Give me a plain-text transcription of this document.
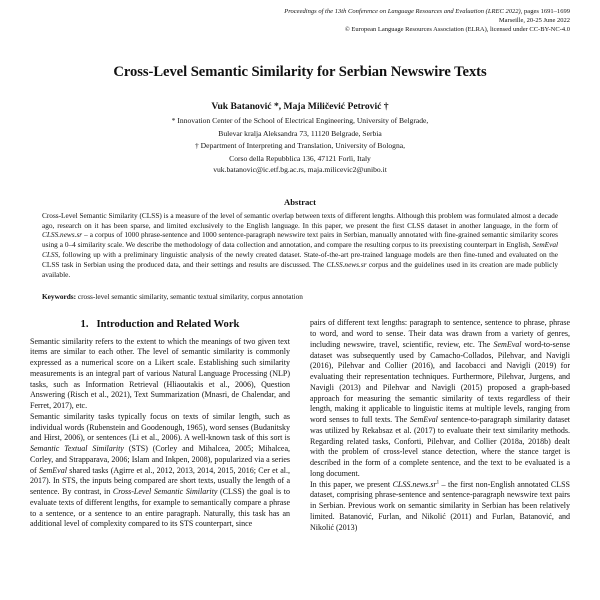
Proceedings of the 13th Conference on Language Resources and Evaluation (LREC 2022), pages 1691–1699
Marseille, 20-25 June 2022
© European Language Resources Association (ELRA), licensed under CC-BY-NC-4.0
Cross-Level Semantic Similarity for Serbian Newswire Texts
Vuk Batanović *, Maja Miličević Petrović †
* Innovation Center of the School of Electrical Engineering, University of Belgrade,
Bulevar kralja Aleksandra 73, 11120 Belgrade, Serbia
† Department of Interpreting and Translation, University of Bologna,
Corso della Repubblica 136, 47121 Forlì, Italy
vuk.batanovic@ic.etf.bg.ac.rs, maja.milicevic2@unibo.it
Abstract
Cross-Level Semantic Similarity (CLSS) is a measure of the level of semantic overlap between texts of different lengths. Although this problem was formulated almost a decade ago, research on it has been sparse, and limited exclusively to the English language. In this paper, we present the first CLSS dataset in another language, in the form of CLSS.news.sr – a corpus of 1000 phrase-sentence and 1000 sentence-paragraph newswire text pairs in Serbian, manually annotated with fine-grained semantic similarity scores using a 0–4 similarity scale. We describe the methodology of data collection and annotation, and compare the resulting corpus to its preexisting counterpart in English, SemEval CLSS, following up with a preliminary linguistic analysis of the newly created dataset. State-of-the-art pre-trained language models are then fine-tuned and evaluated on the CLSS task in Serbian using the produced data, and their settings and results are discussed. The CLSS.news.sr corpus and the guidelines used in its creation are made publicly available.
Keywords: cross-level semantic similarity, semantic textual similarity, corpus annotation
1. Introduction and Related Work

Semantic similarity refers to the extent to which the meanings of two given text items are similar to each other. The level of semantic similarity is commonly expressed as a numerical score on a Likert scale. Establishing such similarity measurements is an integral part of various Natural Language Processing (NLP) tasks, such as Information Retrieval (Hliaoutakis et al., 2006), Question Answering (Risch et al., 2021), Text Summarization (Mnasri, de Chalendar, and Ferret, 2017), etc.

Semantic similarity tasks typically focus on texts of similar length, such as individual words (Rubenstein and Goodenough, 1965), word senses (Budanitsky and Hirst, 2006), or sentences (Li et al., 2006). A well-known task of this sort is Semantic Textual Similarity (STS) (Corley and Mihalcea, 2005; Mihalcea, Corley, and Strapparava, 2006; Islam and Inkpen, 2008), popularized via a series of SemEval shared tasks (Agirre et al., 2012, 2013, 2014, 2015, 2016; Cer et al., 2017). In STS, the inputs being compared are short texts, usually the length of a sentence. By contrast, in Cross-Level Semantic Similarity (CLSS) the goal is to evaluate texts of different lengths, for example to semantically compare a phrase to a sentence, or a sentence to an entire paragraph. Naturally, this task has an additional level of complexity compared to its STS counterpart, since

pairs of different text lengths: paragraph to sentence, sentence to phrase, phrase to word, and word to sense. Their data was drawn from a variety of genres, including newswire, travel, scientific, review, etc. The SemEval word-to-sense dataset was subsequently used by Camacho-Collados, Pilehvar, and Navigli (2016), Pilehvar and Collier (2016), and Iacobacci and Navigli (2019) for evaluating their representation techniques. Furthermore, Pilehvar, Jurgens, and Navigli (2013) and Pilehvar and Navigli (2015) proposed a graph-based approach for measuring the semantic similarity of texts regardless of their length, making it applicable to linguistic items at multiple levels, ranging from word senses to full texts. The SemEval sentence-to-paragraph similarity dataset was utilized by Rekabsaz et al. (2017) to evaluate their text similarity methods. Regarding related tasks, Conforti, Pilehvar, and Collier (2018a, 2018b) dealt with the problem of cross-level stance detection, where the stance target is described in the form of a complete sentence, and the text to be evaluated is a long document.

In this paper, we present $CLSS.news.sr^1$ – the first non-English annotated CLSS dataset, comprising phrase-sentence and sentence-paragraph newswire text pairs in Serbian. Previous work on semantic similarity in Serbian has been relatively limited. Batanović, Furlan, and Nikolić (2011) and Furlan, Batanović, and Nikolić (2013)
